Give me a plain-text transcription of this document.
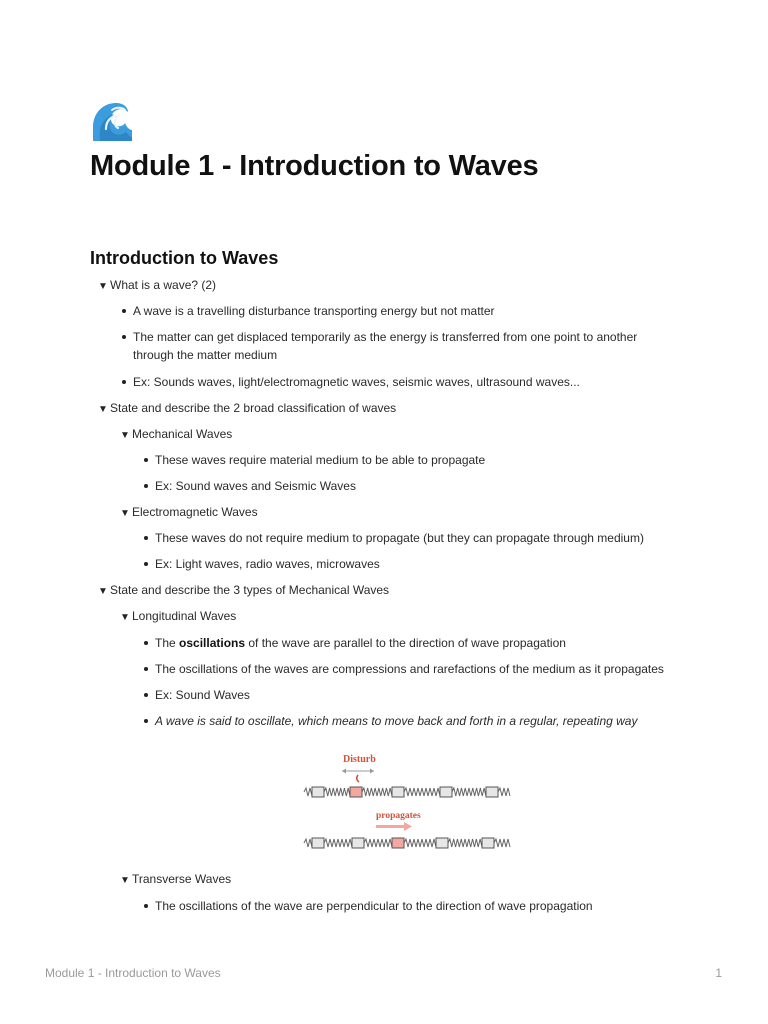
Module 1 - Introduction to Waves
Introduction to Waves
▼ What is a wave? (2)
A wave is a travelling disturbance transporting energy but not matter
The matter can get displaced temporarily as the energy is transferred from one point to another through the matter medium
Ex: Sounds waves, light/electromagnetic waves, seismic waves, ultrasound waves...
▼ State and describe the 2 broad classification of waves
▼ Mechanical Waves
These waves require material medium to be able to propagate
Ex: Sound waves and Seismic Waves
▼ Electromagnetic Waves
These waves do not require medium to propagate (but they can propagate through medium)
Ex: Light waves, radio waves, microwaves
▼ State and describe the 3 types of Mechanical Waves
▼ Longitudinal Waves
The oscillations of the wave are parallel to the direction of wave propagation
The oscillations of the waves are compressions and rarefactions of the medium as it propagates
Ex: Sound Waves
A wave is said to oscillate, which means to move back and forth in a regular, repeating way
Disturb
propagates
▼ Transverse Waves
The oscillations of the wave are perpendicular to the direction of wave propagation
Module 1 - Introduction to Waves	1
